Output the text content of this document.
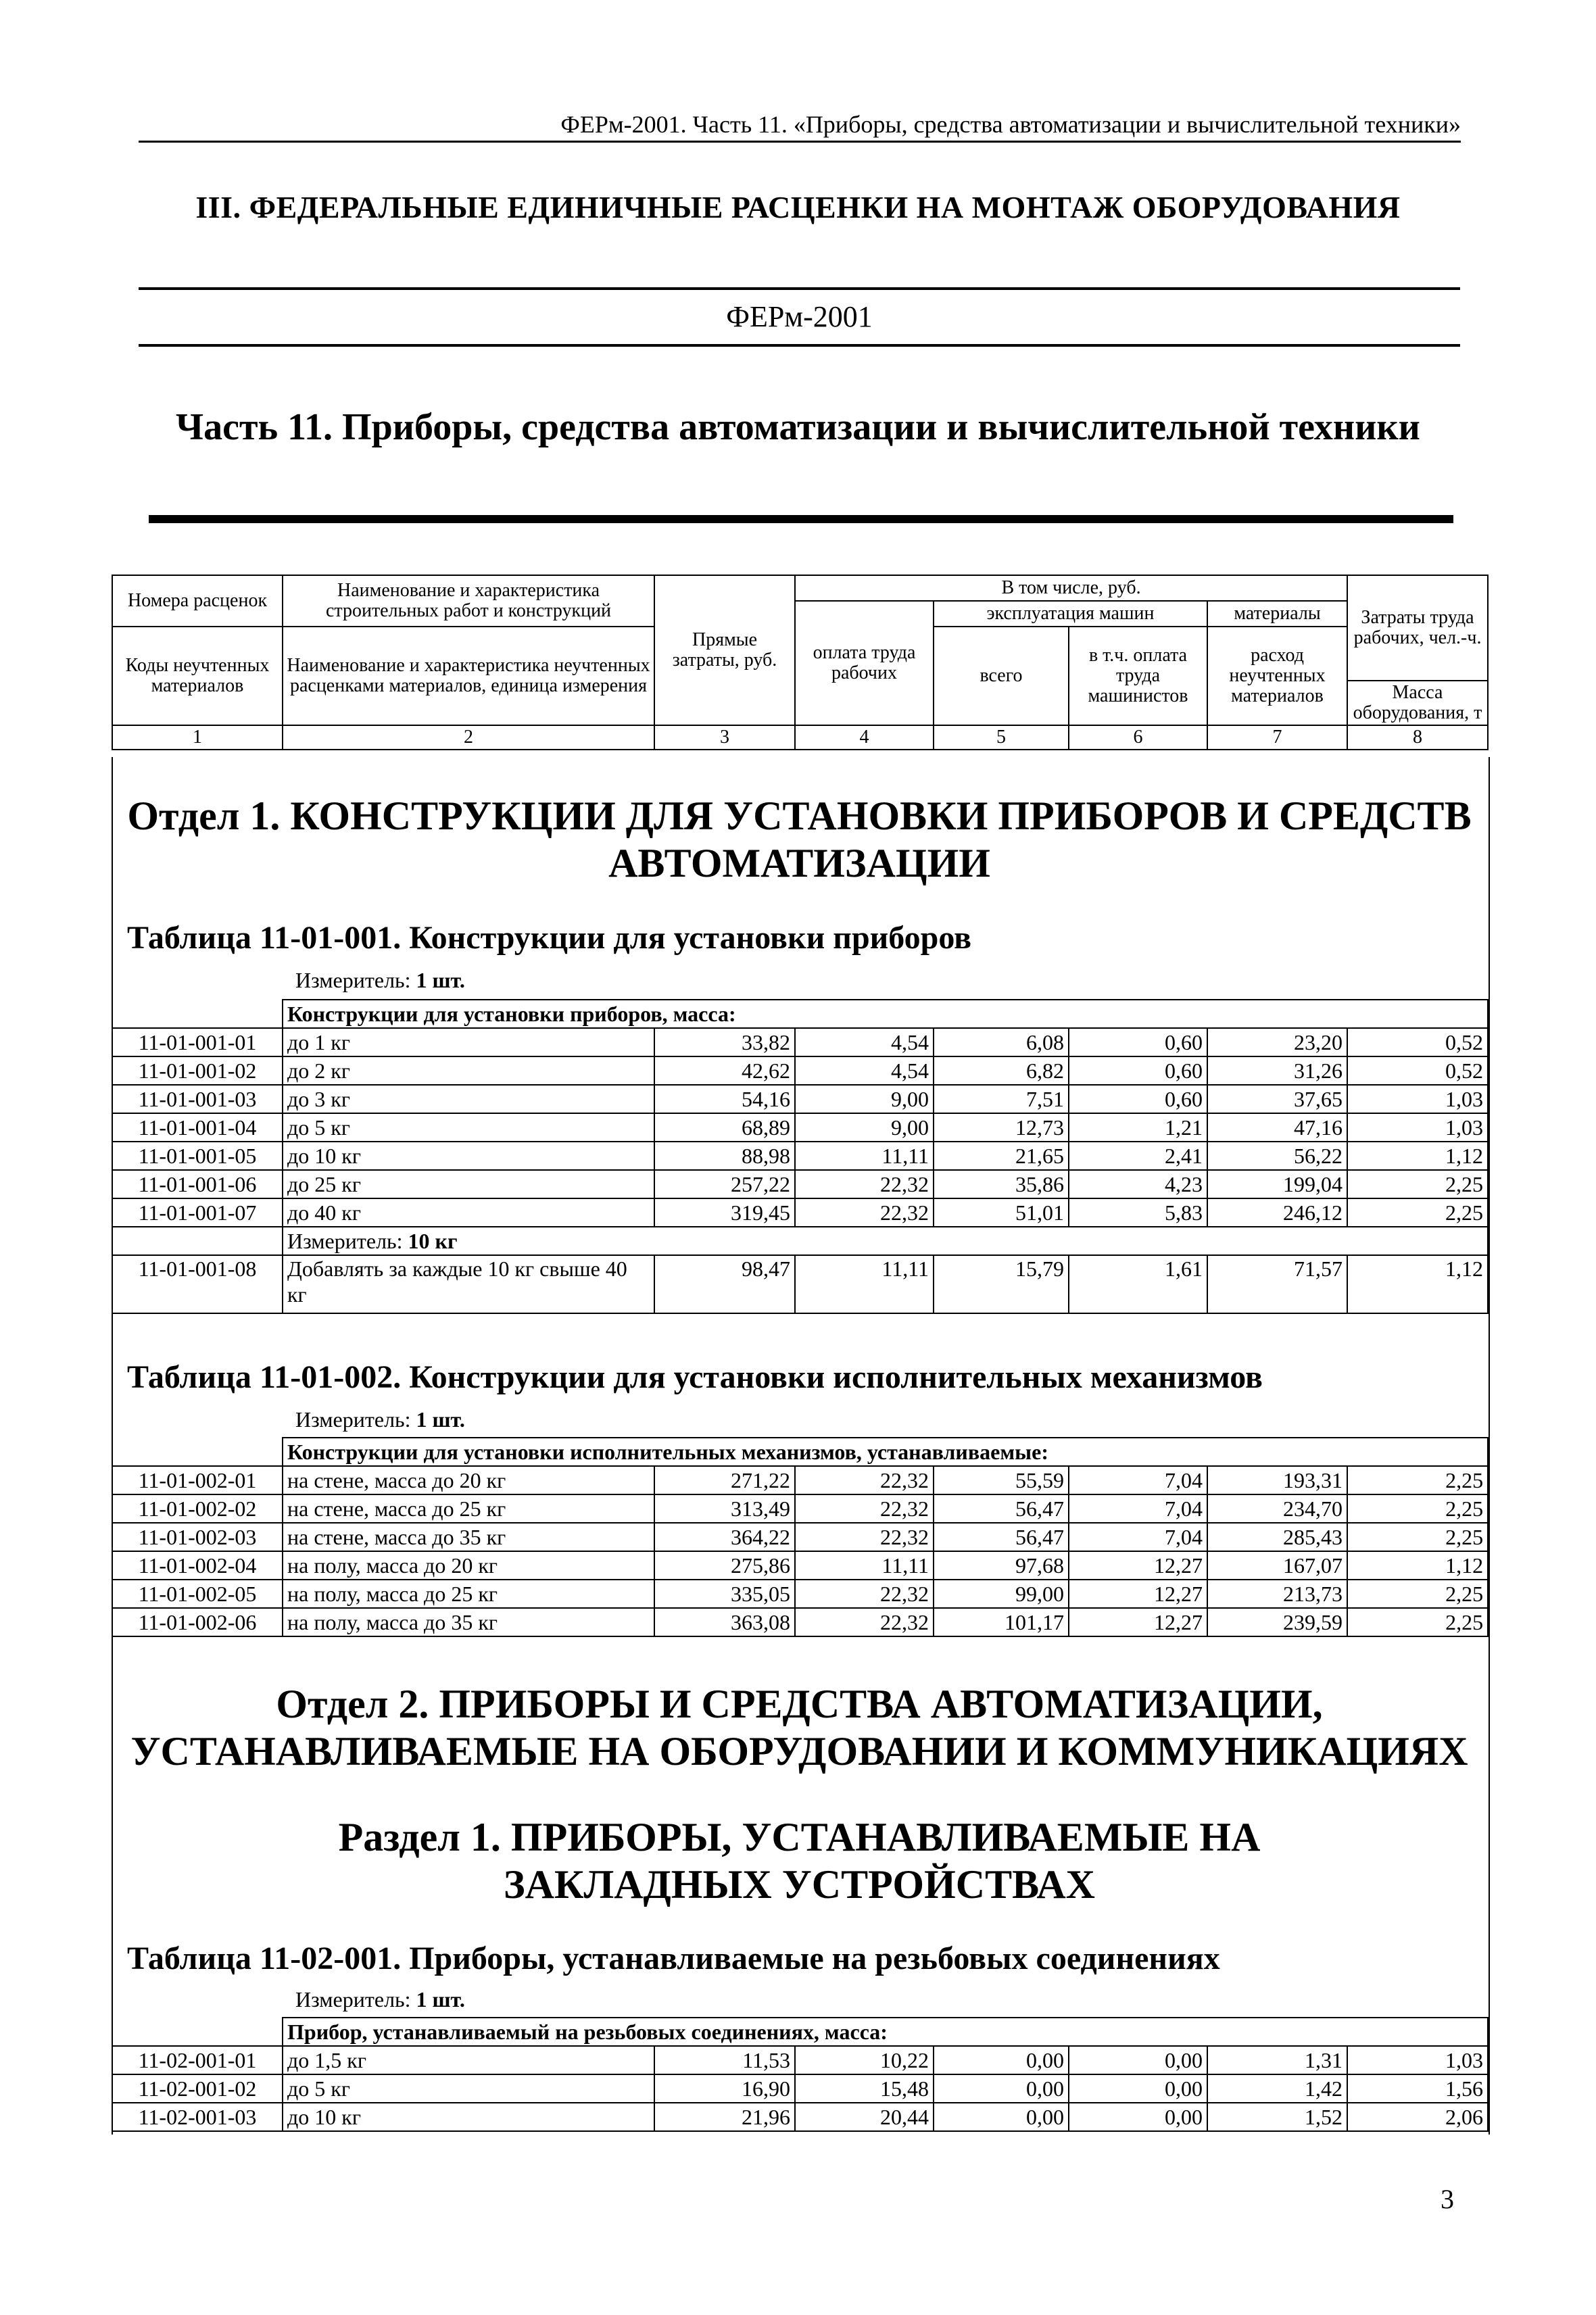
ФЕРм-2001. Часть 11. «Приборы, средства автоматизации и вычислительной техники»
III. ФЕДЕРАЛЬНЫЕ ЕДИНИЧНЫЕ РАСЦЕНКИ НА МОНТАЖ ОБОРУДОВАНИЯ
ФЕРм-2001
Часть 11. Приборы, средства автоматизации и вычислительной техники
Номера расценок	Наименование и характеристика строительных работ и конструкций	Прямые затраты, руб.	В том числе, руб.				Затраты труда рабочих, чел.-ч.

			оплата труда рабочих	эксплуатация машин		материалы	
Коды неучтенных материалов	Наименование и характеристика неучтенных расценками материалов, единица измерения			всего	в т.ч. оплата труда машинистов	расход неучтенных материалов	

							Масса оборудования, т
1	2	3	4	5	6	7	8
Отдел 1. КОНСТРУКЦИИ ДЛЯ УСТАНОВКИ ПРИБОРОВ И СРЕДСТВ АВТОМАТИЗАЦИИ
Таблица 11-01-001. Конструкции для установки приборов
Измеритель: 1 шт.
	Конструкции для установки приборов, масса:						
11-01-001-01	до 1 кг	33,82	4,54	6,08	0,60	23,20	0,52
11-01-001-02	до 2 кг	42,62	4,54	6,82	0,60	31,26	0,52
11-01-001-03	до 3 кг	54,16	9,00	7,51	0,60	37,65	1,03
11-01-001-04	до 5 кг	68,89	9,00	12,73	1,21	47,16	1,03
11-01-001-05	до 10 кг	88,98	11,11	21,65	2,41	56,22	1,12
11-01-001-06	до 25 кг	257,22	22,32	35,86	4,23	199,04	2,25
11-01-001-07	до 40 кг	319,45	22,32	51,01	5,83	246,12	2,25
	Измеритель: 10 кг						
11-01-001-08	Добавлять за каждые 10 кг свыше 40 кг	98,47	11,11	15,79	1,61	71,57	1,12
Таблица 11-01-002. Конструкции для установки исполнительных механизмов
Измеритель: 1 шт.
	Конструкции для установки исполнительных механизмов, устанавливаемые:						
11-01-002-01	на стене, масса до 20 кг	271,22	22,32	55,59	7,04	193,31	2,25
11-01-002-02	на стене, масса до 25 кг	313,49	22,32	56,47	7,04	234,70	2,25
11-01-002-03	на стене, масса до 35 кг	364,22	22,32	56,47	7,04	285,43	2,25
11-01-002-04	на полу, масса до 20 кг	275,86	11,11	97,68	12,27	167,07	1,12
11-01-002-05	на полу, масса до 25 кг	335,05	22,32	99,00	12,27	213,73	2,25
11-01-002-06	на полу, масса до 35 кг	363,08	22,32	101,17	12,27	239,59	2,25
Отдел 2. ПРИБОРЫ И СРЕДСТВА АВТОМАТИЗАЦИИ, УСТАНАВЛИВАЕМЫЕ НА ОБОРУДОВАНИИ И КОММУНИКАЦИЯХ
Раздел 1. ПРИБОРЫ, УСТАНАВЛИВАЕМЫЕ НА ЗАКЛАДНЫХ УСТРОЙСТВАХ
Таблица 11-02-001. Приборы, устанавливаемые на резьбовых соединениях
Измеритель: 1 шт.
	Прибор, устанавливаемый на резьбовых соединениях, масса:						
11-02-001-01	до 1,5 кг	11,53	10,22	0,00	0,00	1,31	1,03
11-02-001-02	до 5 кг	16,90	15,48	0,00	0,00	1,42	1,56
11-02-001-03	до 10 кг	21,96	20,44	0,00	0,00	1,52	2,06
3
